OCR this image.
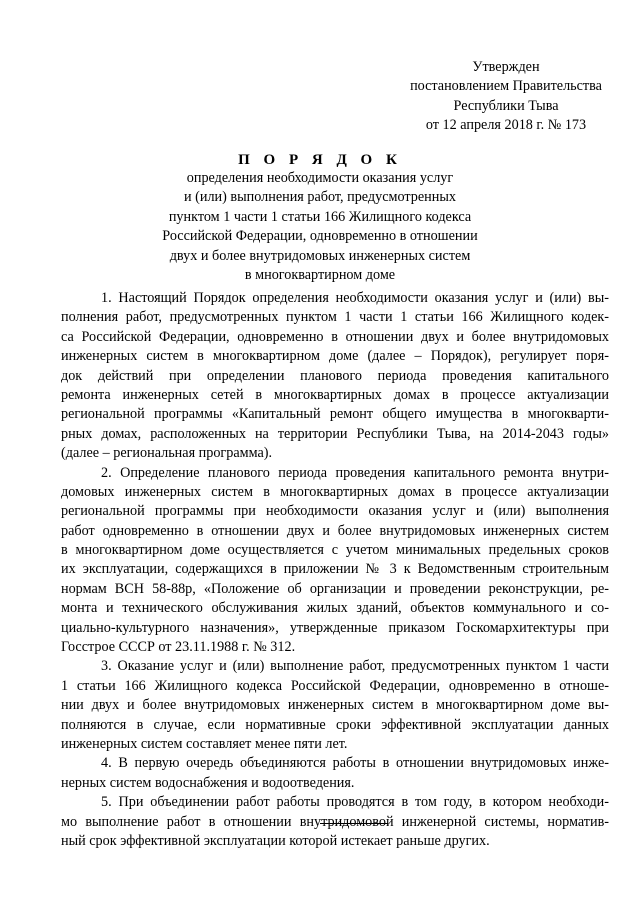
Утвержден
постановлением Правительства
Республики Тыва
от 12 апреля 2018 г. № 173
П О Р Я Д О К
определения необходимости оказания услуг
и (или) выполнения работ, предусмотренных
пунктом 1 части 1 статьи 166 Жилищного кодекса
Российской Федерации, одновременно в отношении
двух и более внутридомовых инженерных систем
в многоквартирном доме
1. Настоящий Порядок определения необходимости оказания услуг и (или) вы-
полнения работ, предусмотренных пунктом 1 части 1 статьи 166 Жилищного кодек-
са Российской Федерации, одновременно в отношении двух и более внутридомовых
инженерных систем в многоквартирном доме (далее – Порядок), регулирует поря-
док действий при определении планового периода проведения капитального
ремонта инженерных сетей в многоквартирных домах в процессе актуализации
региональной программы «Капитальный ремонт общего имущества в многокварти-
рных домах, расположенных на территории Республики Тыва, на 2014-2043 годы»
(далее – региональная программа).
2. Определение планового периода проведения капитального ремонта внутри-
домовых инженерных систем в многоквартирных домах в процессе актуализации
региональной программы при необходимости оказания услуг и (или) выполнения
работ одновременно в отношении двух и более внутридомовых инженерных систем
в многоквартирном доме осуществляется с учетом минимальных предельных сроков
их эксплуатации, содержащихся в приложении № 3 к Ведомственным строительным
нормам ВСН 58-88р, «Положение об организации и проведении реконструкции, ре-
монта и технического обслуживания жилых зданий, объектов коммунального и со-
циально-культурного назначения», утвержденные приказом Госкомархитектуры при
Госстрое СССР от 23.11.1988 г. № 312.
3. Оказание услуг и (или) выполнение работ, предусмотренных пунктом 1 части
1 статьи 166 Жилищного кодекса Российской Федерации, одновременно в отноше-
нии двух и более внутридомовых инженерных систем в многоквартирном доме вы-
полняются в случае, если нормативные сроки эффективной эксплуатации данных
инженерных систем составляет менее пяти лет.
4. В первую очередь объединяются работы в отношении внутридомовых инже-
нерных систем водоснабжения и водоотведения.
5. При объединении работ работы проводятся в том году, в котором необходи-
мо выполнение работ в отношении внутридомовой инженерной системы, норматив-
ный срок эффективной эксплуатации которой истекает раньше других.
